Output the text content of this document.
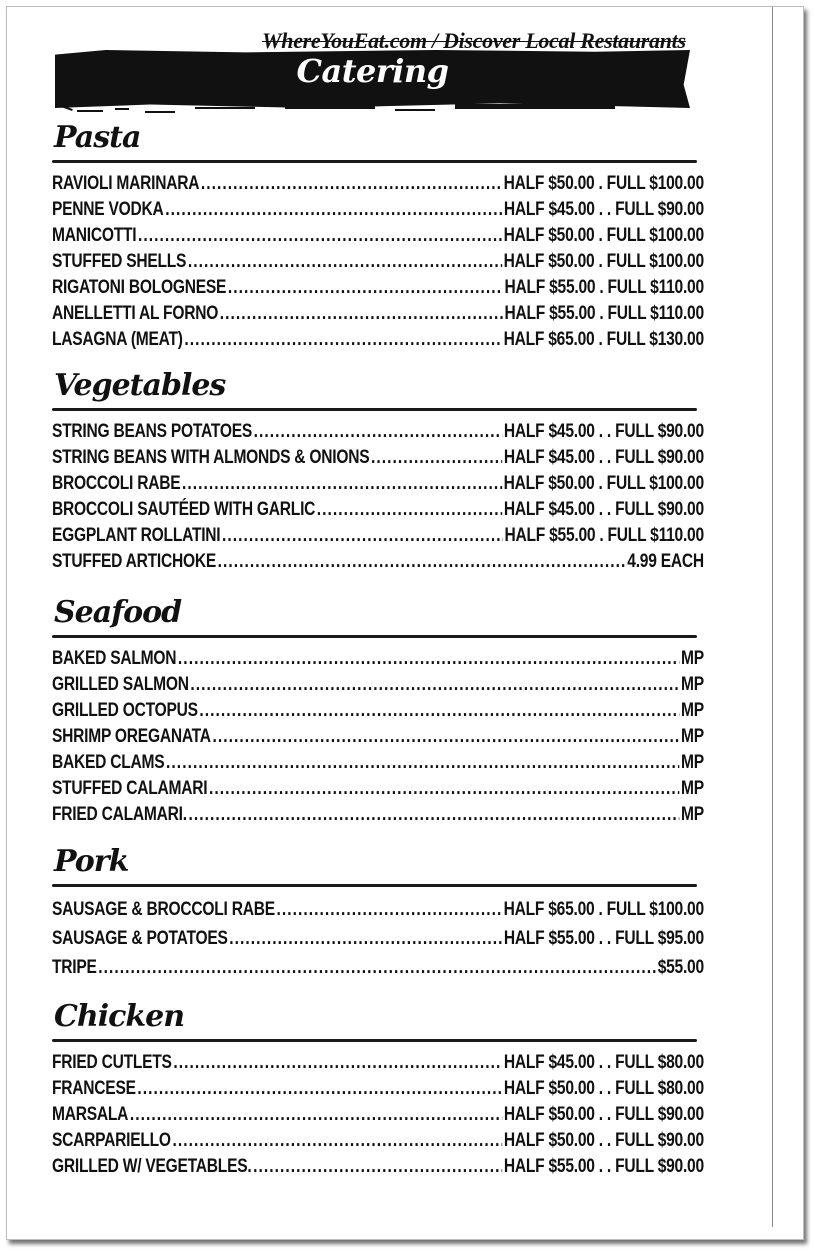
WhereYouEat.com / Discover Local Restaurants
Catering
Pasta
RAVIOLI MARINARA . . .	HALF $50.00 . FULL $100.00
PENNE VODKA . . .	HALF $45.00 . . FULL $90.00
MANICOTTI . . .	HALF $50.00 . FULL $100.00
STUFFED SHELLS . . .	HALF $50.00 . FULL $100.00
RIGATONI BOLOGNESE . . .	HALF $55.00 . FULL $110.00
ANELLETTI AL FORNO . . .	HALF $55.00 . FULL $110.00
LASAGNA (MEAT) . . .	HALF $65.00 . FULL $130.00
Vegetables
STRING BEANS POTATOES . . .	HALF $45.00 . . FULL $90.00
STRING BEANS WITH ALMONDS & ONIONS . . .	HALF $45.00 . . FULL $90.00
BROCCOLI RABE . . .	HALF $50.00 . FULL $100.00
BROCCOLI SAUTÉED WITH GARLIC . . .	HALF $45.00 . . FULL $90.00
EGGPLANT ROLLATINI . . .	HALF $55.00 . FULL $110.00
STUFFED ARTICHOKE . . .	4.99 EACH
Seafood
BAKED SALMON . . .	MP
GRILLED SALMON . . .	MP
GRILLED OCTOPUS . . .	MP
SHRIMP OREGANATA . . .	MP
BAKED CLAMS . . .	MP
STUFFED CALAMARI . . .	MP
FRIED CALAMARI. . . .	MP
Pork
SAUSAGE & BROCCOLI RABE . . .	HALF $65.00 . FULL $100.00
SAUSAGE & POTATOES . . .	HALF $55.00 . . FULL $95.00
TRIPE . . .	$55.00
Chicken
FRIED CUTLETS . . .	HALF $45.00 . . FULL $80.00
FRANCESE . . .	HALF $50.00 . . FULL $80.00
MARSALA . . .	HALF $50.00 . . FULL $90.00
SCARPARIELLO . . .	HALF $50.00 . . FULL $90.00
GRILLED W/ VEGETABLES. . . .	HALF $55.00 . . FULL $90.00
